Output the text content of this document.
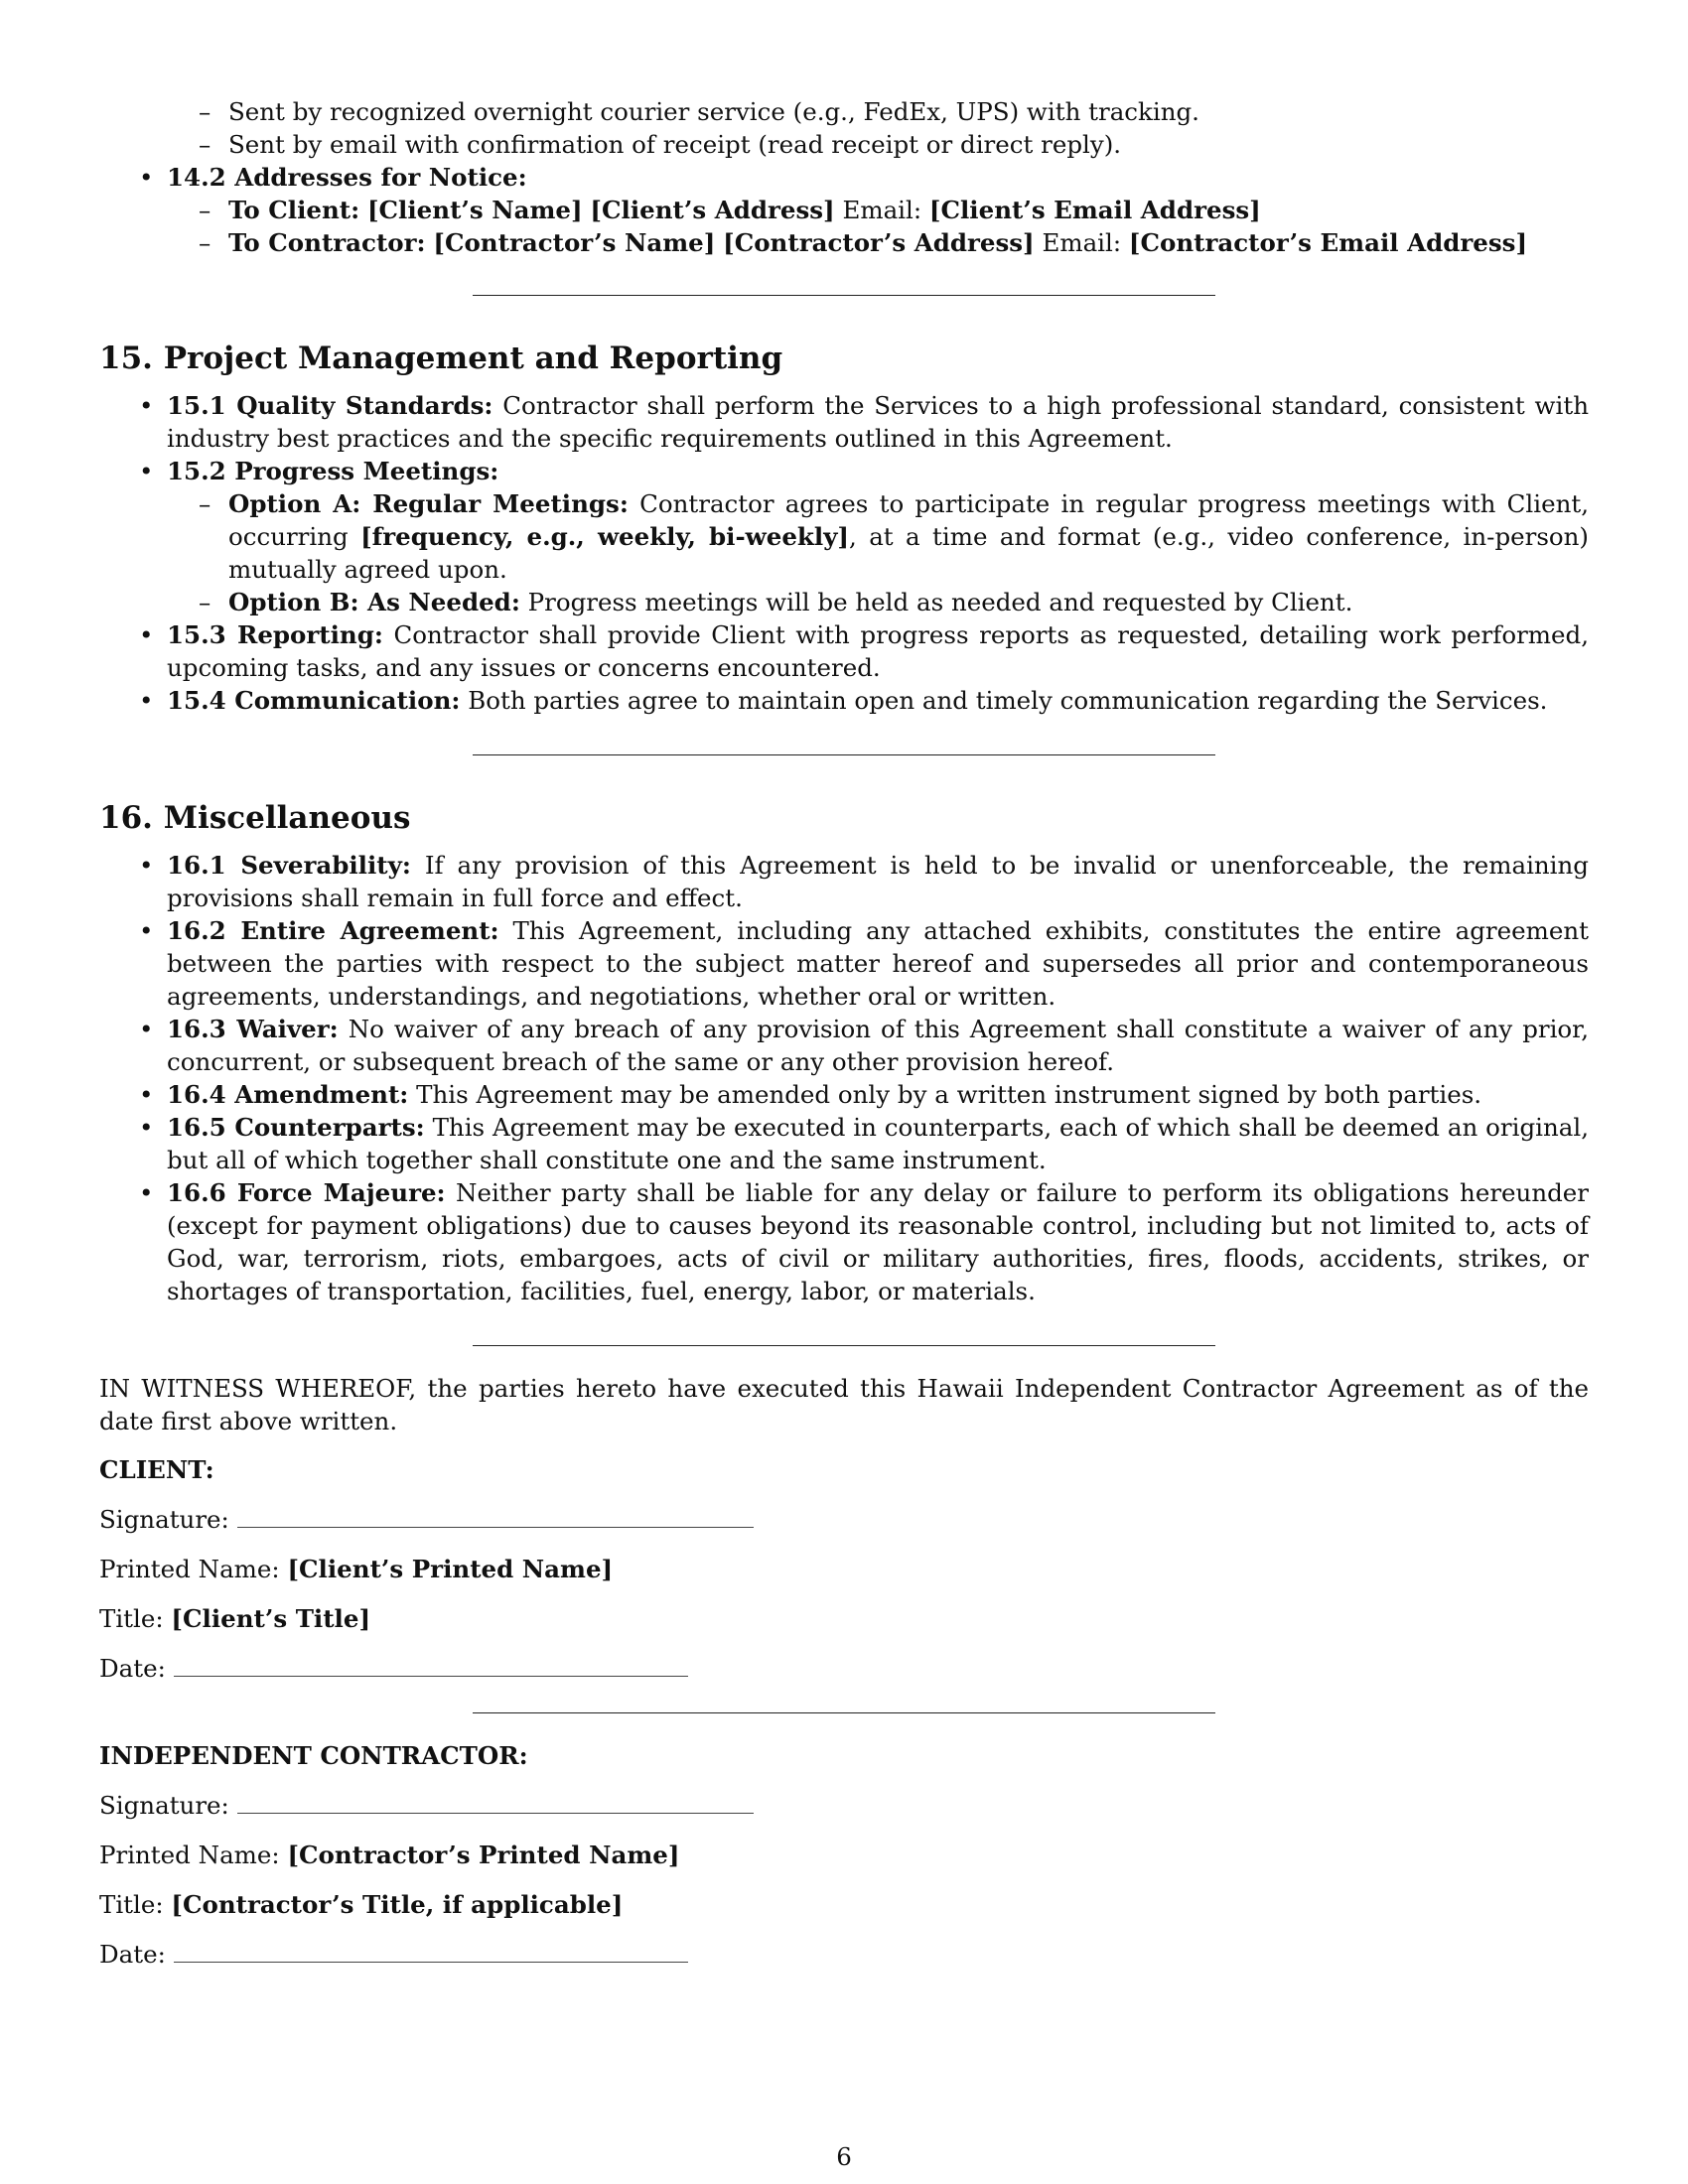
– Sent by recognized overnight courier service (e.g., FedEx, UPS) with tracking.
– Sent by email with confirmation of receipt (read receipt or direct reply).
• 14.2 Addresses for Notice:
– To Client: [Client’s Name] [Client’s Address] Email: [Client’s Email Address]
– To Contractor: [Contractor’s Name] [Contractor’s Address] Email: [Contractor’s Email Address]
15. Project Management and Reporting
• 15.1 Quality Standards: Contractor shall perform the Services to a high professional standard, consistent with industry best practices and the specific requirements outlined in this Agreement.
• 15.2 Progress Meetings:
– Option A: Regular Meetings: Contractor agrees to participate in regular progress meetings with Client, occurring [frequency, e.g., weekly, bi-weekly], at a time and format (e.g., video conference, in-person) mutually agreed upon.
– Option B: As Needed: Progress meetings will be held as needed and requested by Client.
• 15.3 Reporting: Contractor shall provide Client with progress reports as requested, detailing work performed, upcoming tasks, and any issues or concerns encountered.
• 15.4 Communication: Both parties agree to maintain open and timely communication regarding the Services.
16. Miscellaneous
• 16.1 Severability: If any provision of this Agreement is held to be invalid or unenforceable, the remaining provisions shall remain in full force and effect.
• 16.2 Entire Agreement: This Agreement, including any attached exhibits, constitutes the entire agreement between the parties with respect to the subject matter hereof and supersedes all prior and contemporaneous agreements, understandings, and negotiations, whether oral or written.
• 16.3 Waiver: No waiver of any breach of any provision of this Agreement shall constitute a waiver of any prior, concurrent, or subsequent breach of the same or any other provision hereof.
• 16.4 Amendment: This Agreement may be amended only by a written instrument signed by both parties.
• 16.5 Counterparts: This Agreement may be executed in counterparts, each of which shall be deemed an original, but all of which together shall constitute one and the same instrument.
• 16.6 Force Majeure: Neither party shall be liable for any delay or failure to perform its obligations hereunder (except for payment obligations) due to causes beyond its reasonable control, including but not limited to, acts of God, war, terrorism, riots, embargoes, acts of civil or military authorities, fires, floods, accidents, strikes, or shortages of transportation, facilities, fuel, energy, labor, or materials.

IN WITNESS WHEREOF, the parties hereto have executed this Hawaii Independent Contractor Agreement as of the date first above written.

CLIENT:

Signature:

Printed Name: [Client’s Printed Name]

Title: [Client’s Title]

Date:

INDEPENDENT CONTRACTOR:

Signature:

Printed Name: [Contractor’s Printed Name]

Title: [Contractor’s Title, if applicable]

Date:

6
